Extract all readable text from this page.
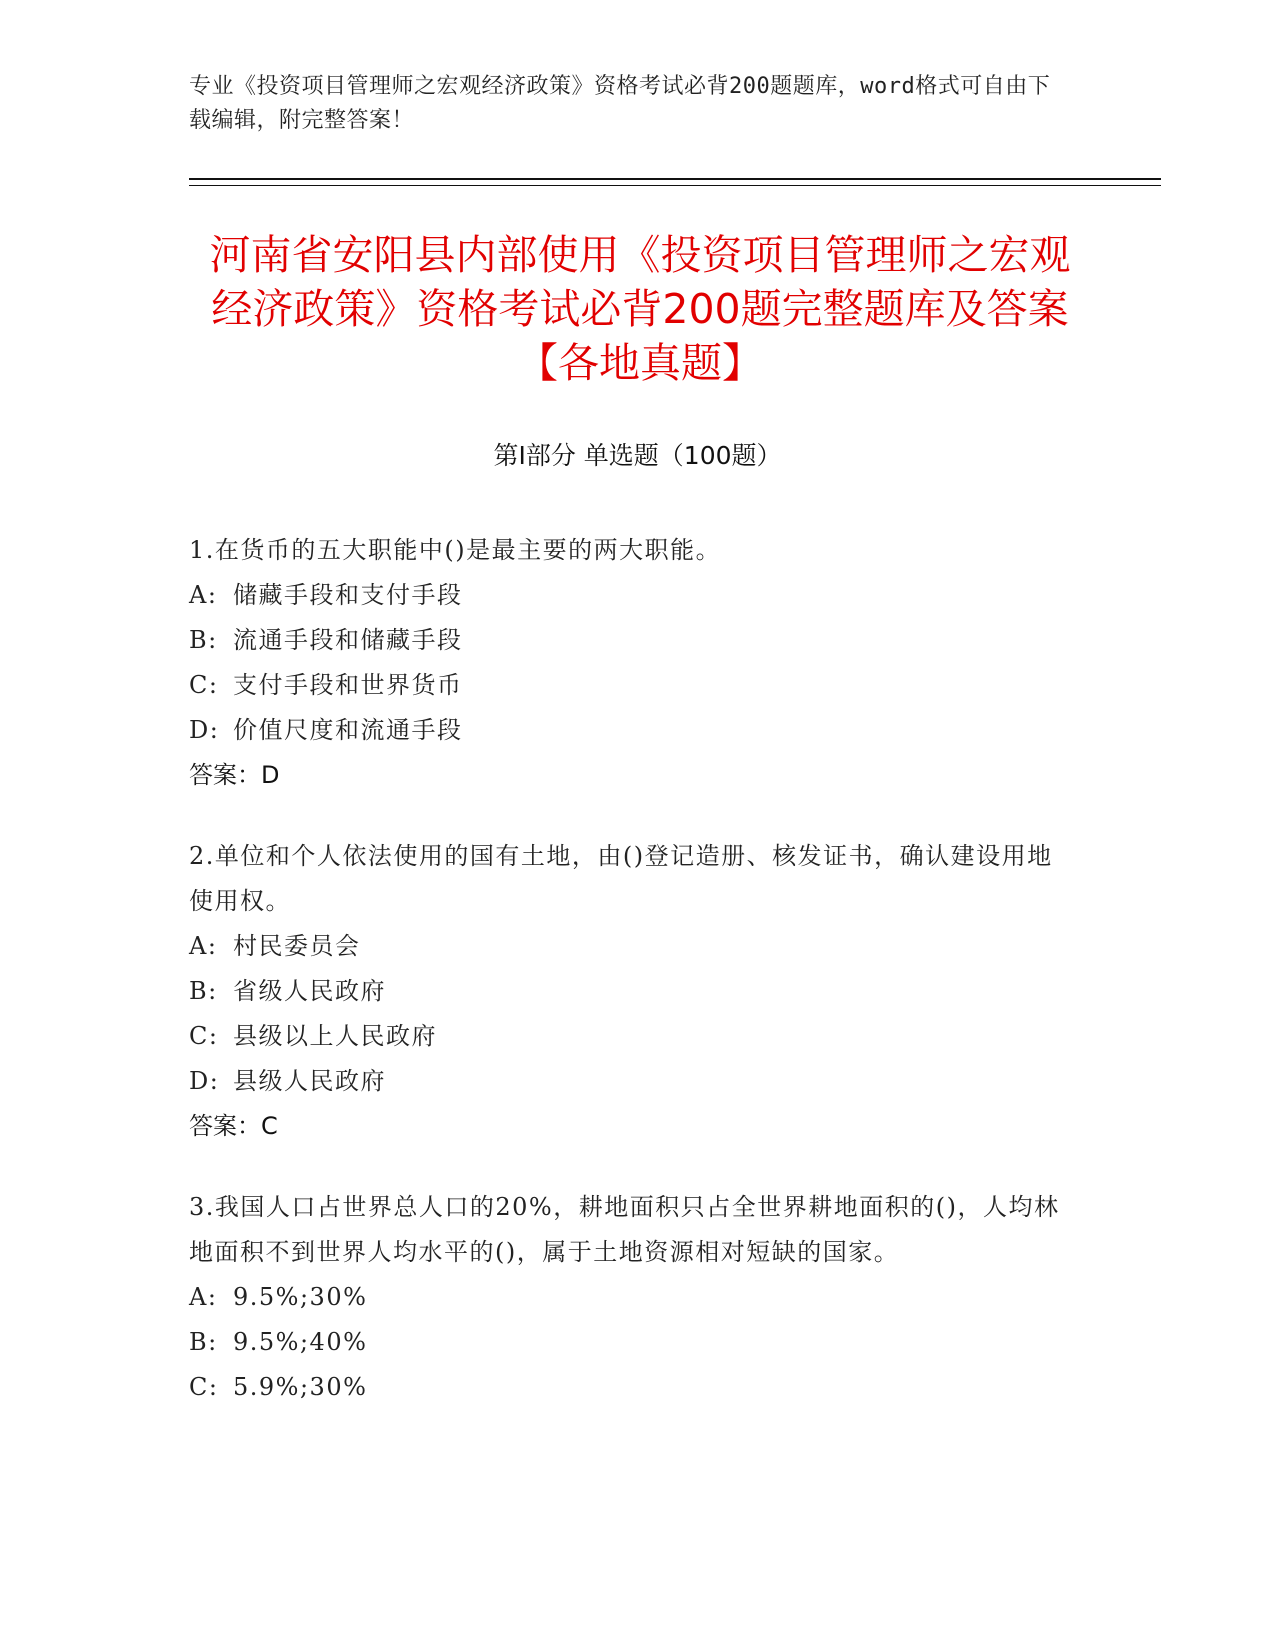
专业《投资项目管理师之宏观经济政策》资格考试必背200题题库，word格式可自由下载编辑，附完整答案！
河南省安阳县内部使用《投资项目管理师之宏观经济政策》资格考试必背200题完整题库及答案【各地真题】
第Ⅰ部分 单选题（100题）

1.在货币的五大职能中()是最主要的两大职能。

A: 储藏手段和支付手段

B: 流通手段和储藏手段

C: 支付手段和世界货币

D: 价值尺度和流通手段

答案：D

2.单位和个人依法使用的国有土地，由()登记造册、核发证书，确认建设用地使用权。

A: 村民委员会

B: 省级人民政府

C: 县级以上人民政府

D: 县级人民政府

答案：C

3.我国人口占世界总人口的20%，耕地面积只占全世界耕地面积的()，人均林地面积不到世界人均水平的()，属于土地资源相对短缺的国家。

A: 9.5%;30%

B: 9.5%;40%

C: 5.9%;30%
